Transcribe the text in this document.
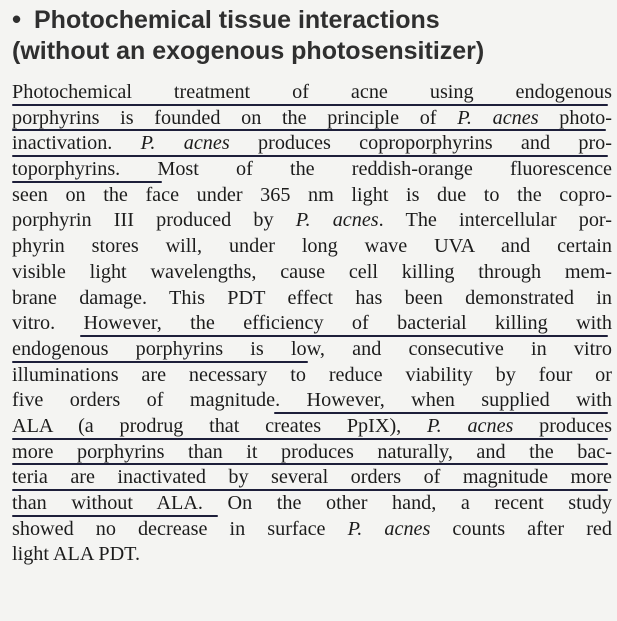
• Photochemical tissue interactions
(without an exogenous photosensitizer)
Photochemical treatment of acne using endogenous
porphyrins is founded on the principle of P. acnes photo-
inactivation. P. acnes produces coproporphyrins and pro-
toporphyrins. Most of the reddish-orange fluorescence
seen on the face under 365 nm light is due to the copro-
porphyrin III produced by P. acnes. The intercellular por-
phyrin stores will, under long wave UVA and certain
visible light wavelengths, cause cell killing through mem-
brane damage. This PDT effect has been demonstrated in
vitro. However, the efficiency of bacterial killing with
endogenous porphyrins is low, and consecutive in vitro
illuminations are necessary to reduce viability by four or
five orders of magnitude. However, when supplied with
ALA (a prodrug that creates PpIX), P. acnes produces
more porphyrins than it produces naturally, and the bac-
teria are inactivated by several orders of magnitude more
than without ALA. On the other hand, a recent study
showed no decrease in surface P. acnes counts after red
light ALA PDT.
